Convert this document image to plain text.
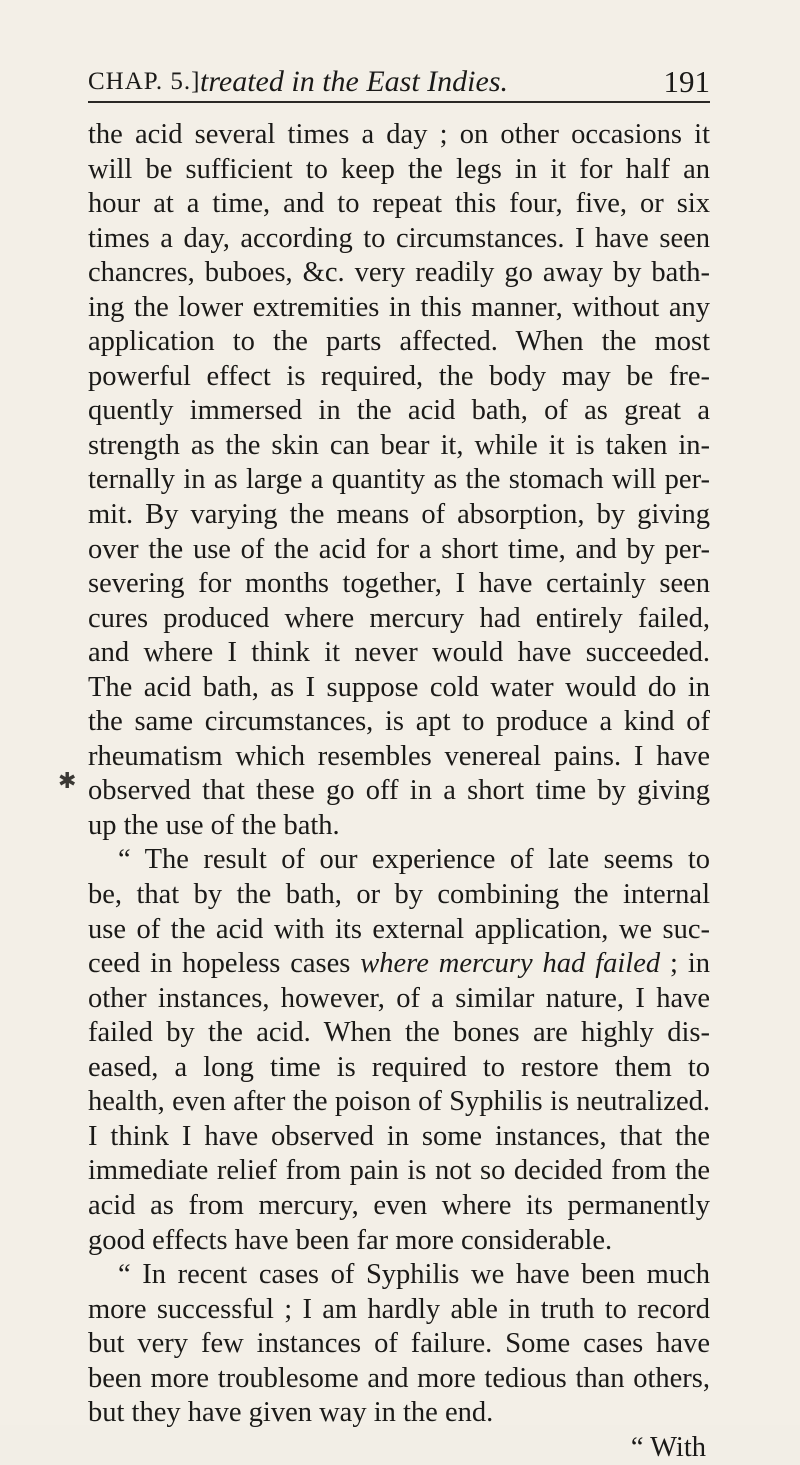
CHAP. 5.] treated in the East Indies.	191
✱
the acid several times a day ; on other occasions it
will be sufficient to keep the legs in it for half an
hour at a time, and to repeat this four, five, or six
times a day, according to circumstances. I have seen
chancres, buboes, &c. very readily go away by bath-
ing the lower extremities in this manner, without any
application to the parts affected. When the most
powerful effect is required, the body may be fre-
quently immersed in the acid bath, of as great a
strength as the skin can bear it, while it is taken in-
ternally in as large a quantity as the stomach will per-
mit. By varying the means of absorption, by giving
over the use of the acid for a short time, and by per-
severing for months together, I have certainly seen
cures produced where mercury had entirely failed,
and where I think it never would have succeeded.
The acid bath, as I suppose cold water would do in
the same circumstances, is apt to produce a kind of
rheumatism which resembles venereal pains. I have
observed that these go off in a short time by giving
up the use of the bath.
“ The result of our experience of late seems to
be, that by the bath, or by combining the internal
use of the acid with its external application, we suc-
ceed in hopeless cases where mercury had failed ; in
other instances, however, of a similar nature, I have
failed by the acid. When the bones are highly dis-
eased, a long time is required to restore them to
health, even after the poison of Syphilis is neutralized.
I think I have observed in some instances, that the
immediate relief from pain is not so decided from the
acid as from mercury, even where its permanently
good effects have been far more considerable.
“ In recent cases of Syphilis we have been much
more successful ; I am hardly able in truth to record
but very few instances of failure. Some cases have
been more troublesome and more tedious than others,
but they have given way in the end.
“ With
